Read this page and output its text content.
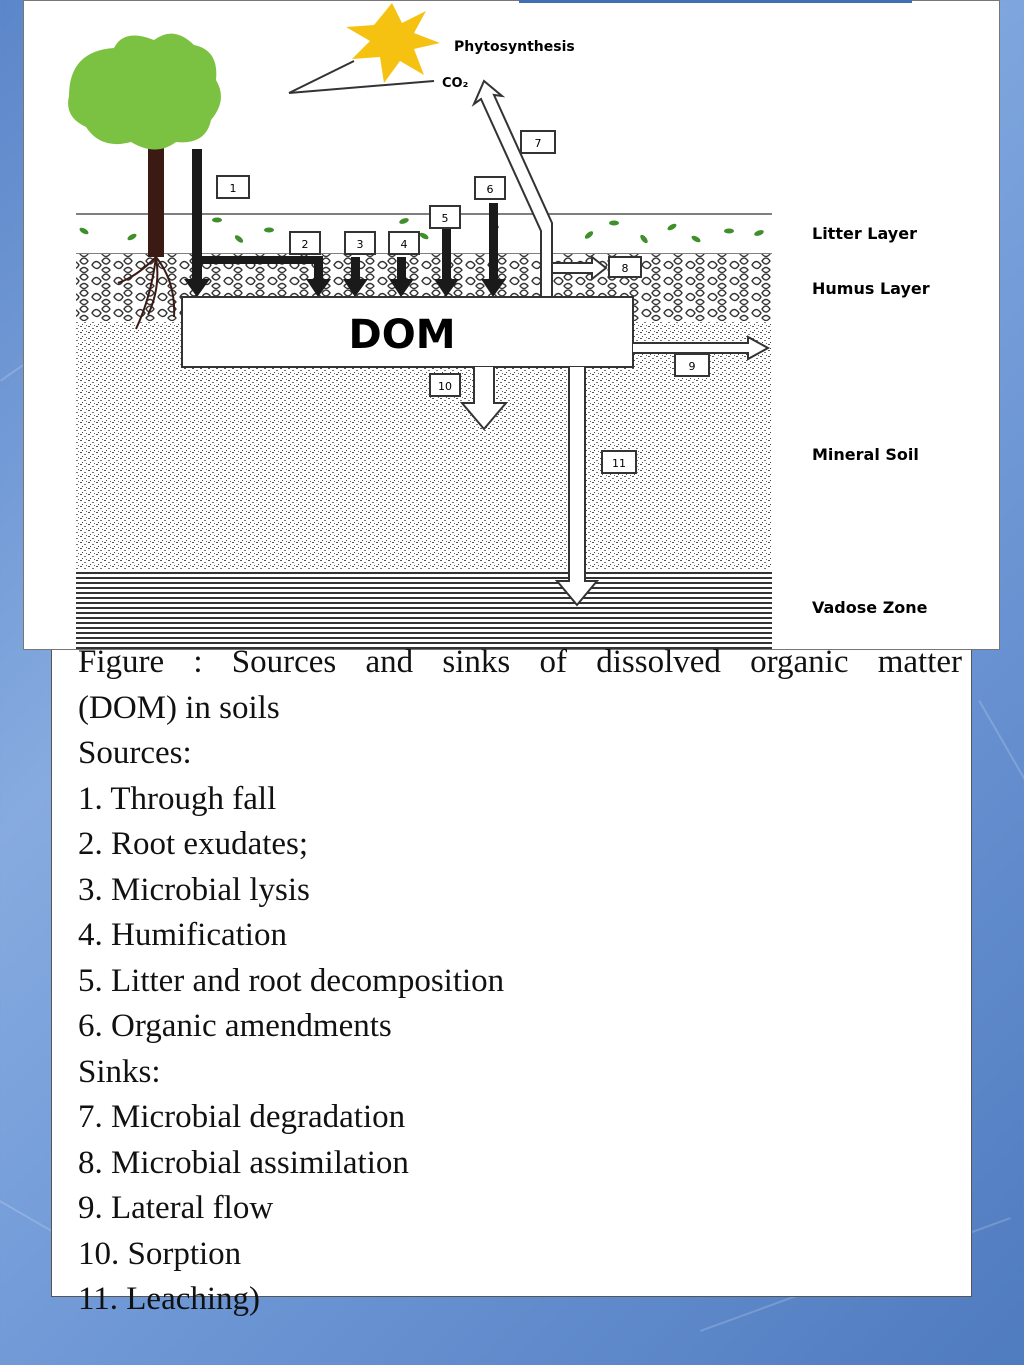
Phytosynthesis
CO₂
DOM
1
2	3	4
5
6
7
8
9
10
11
Litter Layer
Humus Layer
Mineral Soil
Vadose Zone
Figure : Sources and sinks of dissolved organic matter
(DOM) in soils
Sources:
1. Through fall
2. Root exudates;
3. Microbial lysis
4. Humification
5. Litter and root decomposition
6. Organic amendments
Sinks:
7. Microbial degradation
8. Microbial assimilation
9. Lateral flow
10. Sorption
11. Leaching)
